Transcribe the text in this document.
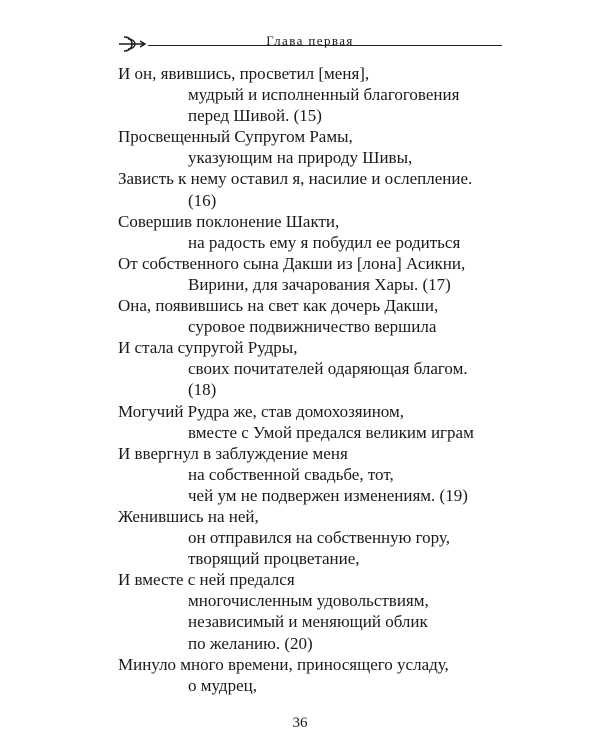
Глава первая
И он, явившись, просветил [меня],
мудрый и исполненный благоговения
перед Шивой. (15)
Просвещенный Супругом Рамы,
указующим на природу Шивы,
Зависть к нему оставил я, насилие и ослепление.
(16)
Совершив поклонение Шакти,
на радость ему я побудил ее родиться
От собственного сына Дакши из [лона] Асикни,
Вирини, для зачарования Хары. (17)
Она, появившись на свет как дочерь Дакши,
суровое подвижничество вершила
И стала супругой Рудры,
своих почитателей одаряющая благом.
(18)
Могучий Рудра же, став домохозяином,
вместе с Умой предался великим играм
И ввергнул в заблуждение меня
на собственной свадьбе, тот,
чей ум не подвержен изменениям. (19)
Женившись на ней,
он отправился на собственную гору,
творящий процветание,
И вместе с ней предался
многочисленным удовольствиям,
независимый и меняющий облик
по желанию. (20)
Минуло много времени, приносящего усладу,
о мудрец,
36
